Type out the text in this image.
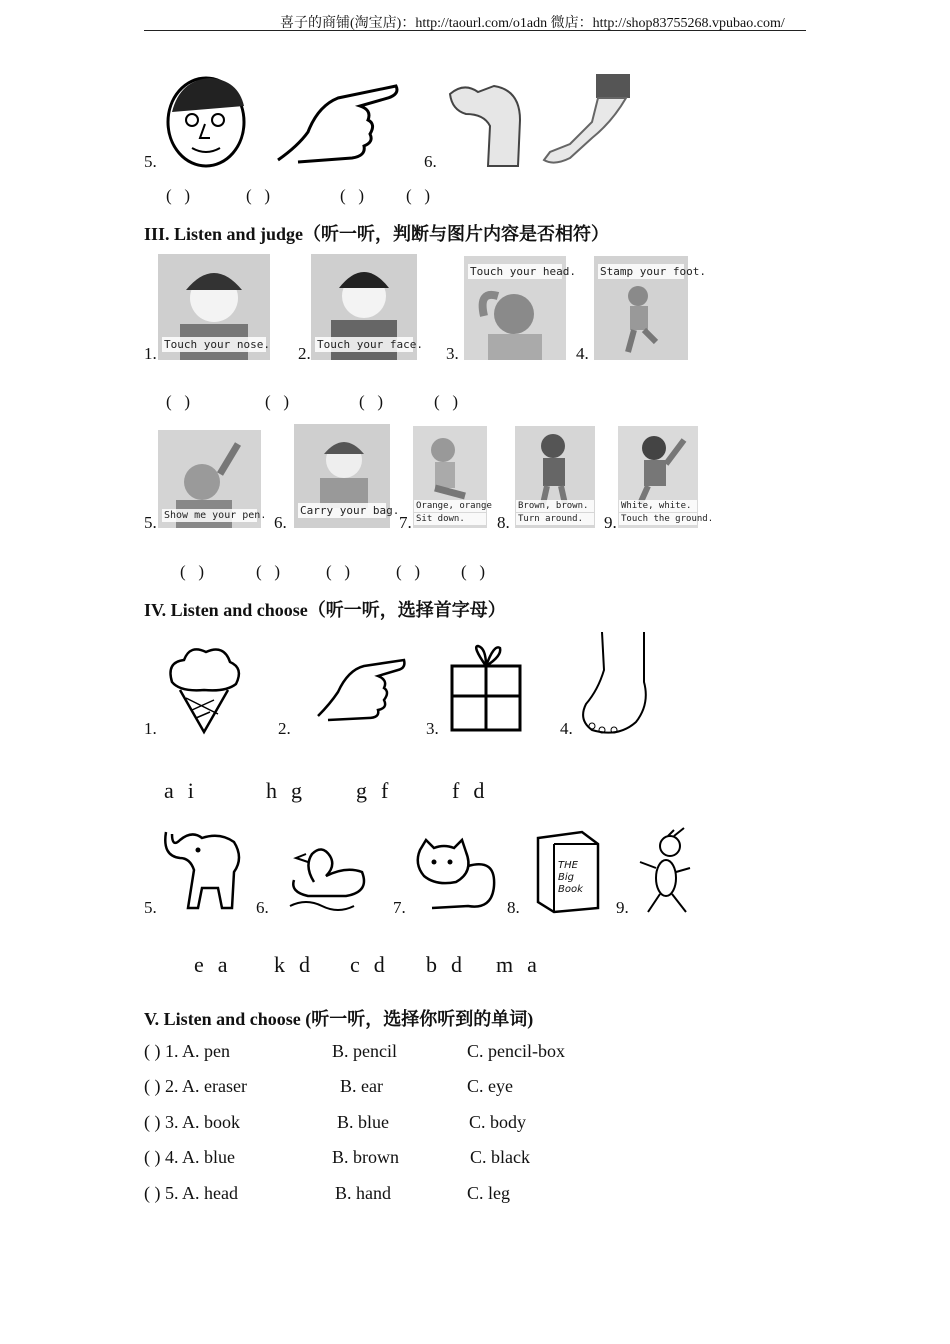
喜子的商铺(淘宝店)：http://taourl.com/o1adn 微店：http://shop83755268.vpubao.com/
5.	6.
(   )	(   )	(   ) (   )
III. Listen and judge（听一听，判断与图片内容是否相符）
1. Touch your nose. 2. Touch your face. 3.
Touch your head.
4.
Stamp your foot.
(   )	(   )	(   )	(   )
5. Show me your pen. 6.
Carry your bag.
7.
Orange, orange
Sit down.	8.
Brown, brown.
Turn around.	9.
White, white.
Touch the ground.
(   )	(   )	(   )	(   ) (   )
IV. Listen and choose（听一听，选择首字母）
1.	2.	3.	4.
a  i	h  g g  f	f  d
5.	6.	7.	8.
THE Big Book
9.
e  a k  d c  d b  d m  a
V. Listen and choose (听一听，选择你听到的单词)
( ) 1. A. pen	B. pencil	C. pencil-box
( ) 2. A. eraser	B. ear	C. eye
( ) 3. A. book	B. blue	C. body
( ) 4. A. blue	B. brown	C. black
( ) 5. A. head	B. hand	C. leg
